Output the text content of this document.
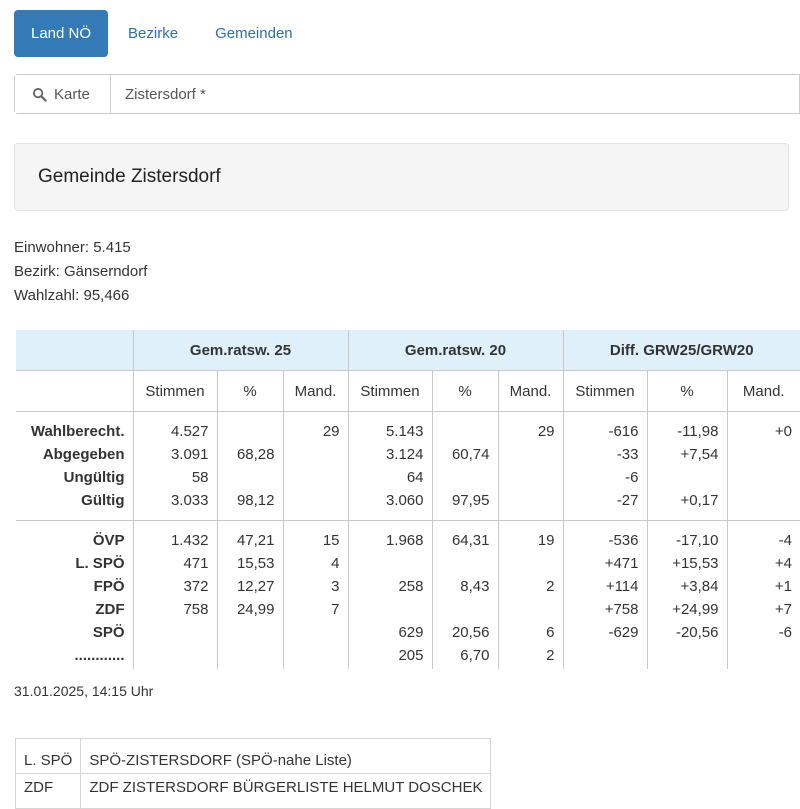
Land NÖ	Bezirke	Gemeinden
Karte	Zistersdorf *
Gemeinde Zistersdorf
Einwohner: 5.415
Bezirk: Gänserndorf
Wahlzahl: 95,466
	Gem.ratsw. 25			Gem.ratsw. 20			Diff. GRW25/GRW20		
	Stimmen	%	Mand.	Stimmen	%	Mand.	Stimmen	%	Mand.
Wahlberecht.	4.527		29	5.143		29	-616	-11,98	+0
Abgegeben	3.091	68,28		3.124	60,74		-33	+7,54	
Ungültig	58			64			-6		
Gültig	3.033	98,12		3.060	97,95		-27	+0,17	
ÖVP	1.432	47,21	15	1.968	64,31	19	-536	-17,10	-4
L. SPÖ	471	15,53	4				+471	+15,53	+4
FPÖ	372	12,27	3	258	8,43	2	+114	+3,84	+1
ZDF	758	24,99	7				+758	+24,99	+7
SPÖ				629	20,56	6	-629	-20,56	-6
............				205	6,70	2			
31.01.2025, 14:15 Uhr
L. SPÖ	SPÖ-ZISTERSDORF (SPÖ-nahe Liste)
ZDF	ZDF ZISTERSDORF BÜRGERLISTE HELMUT DOSCHEK
